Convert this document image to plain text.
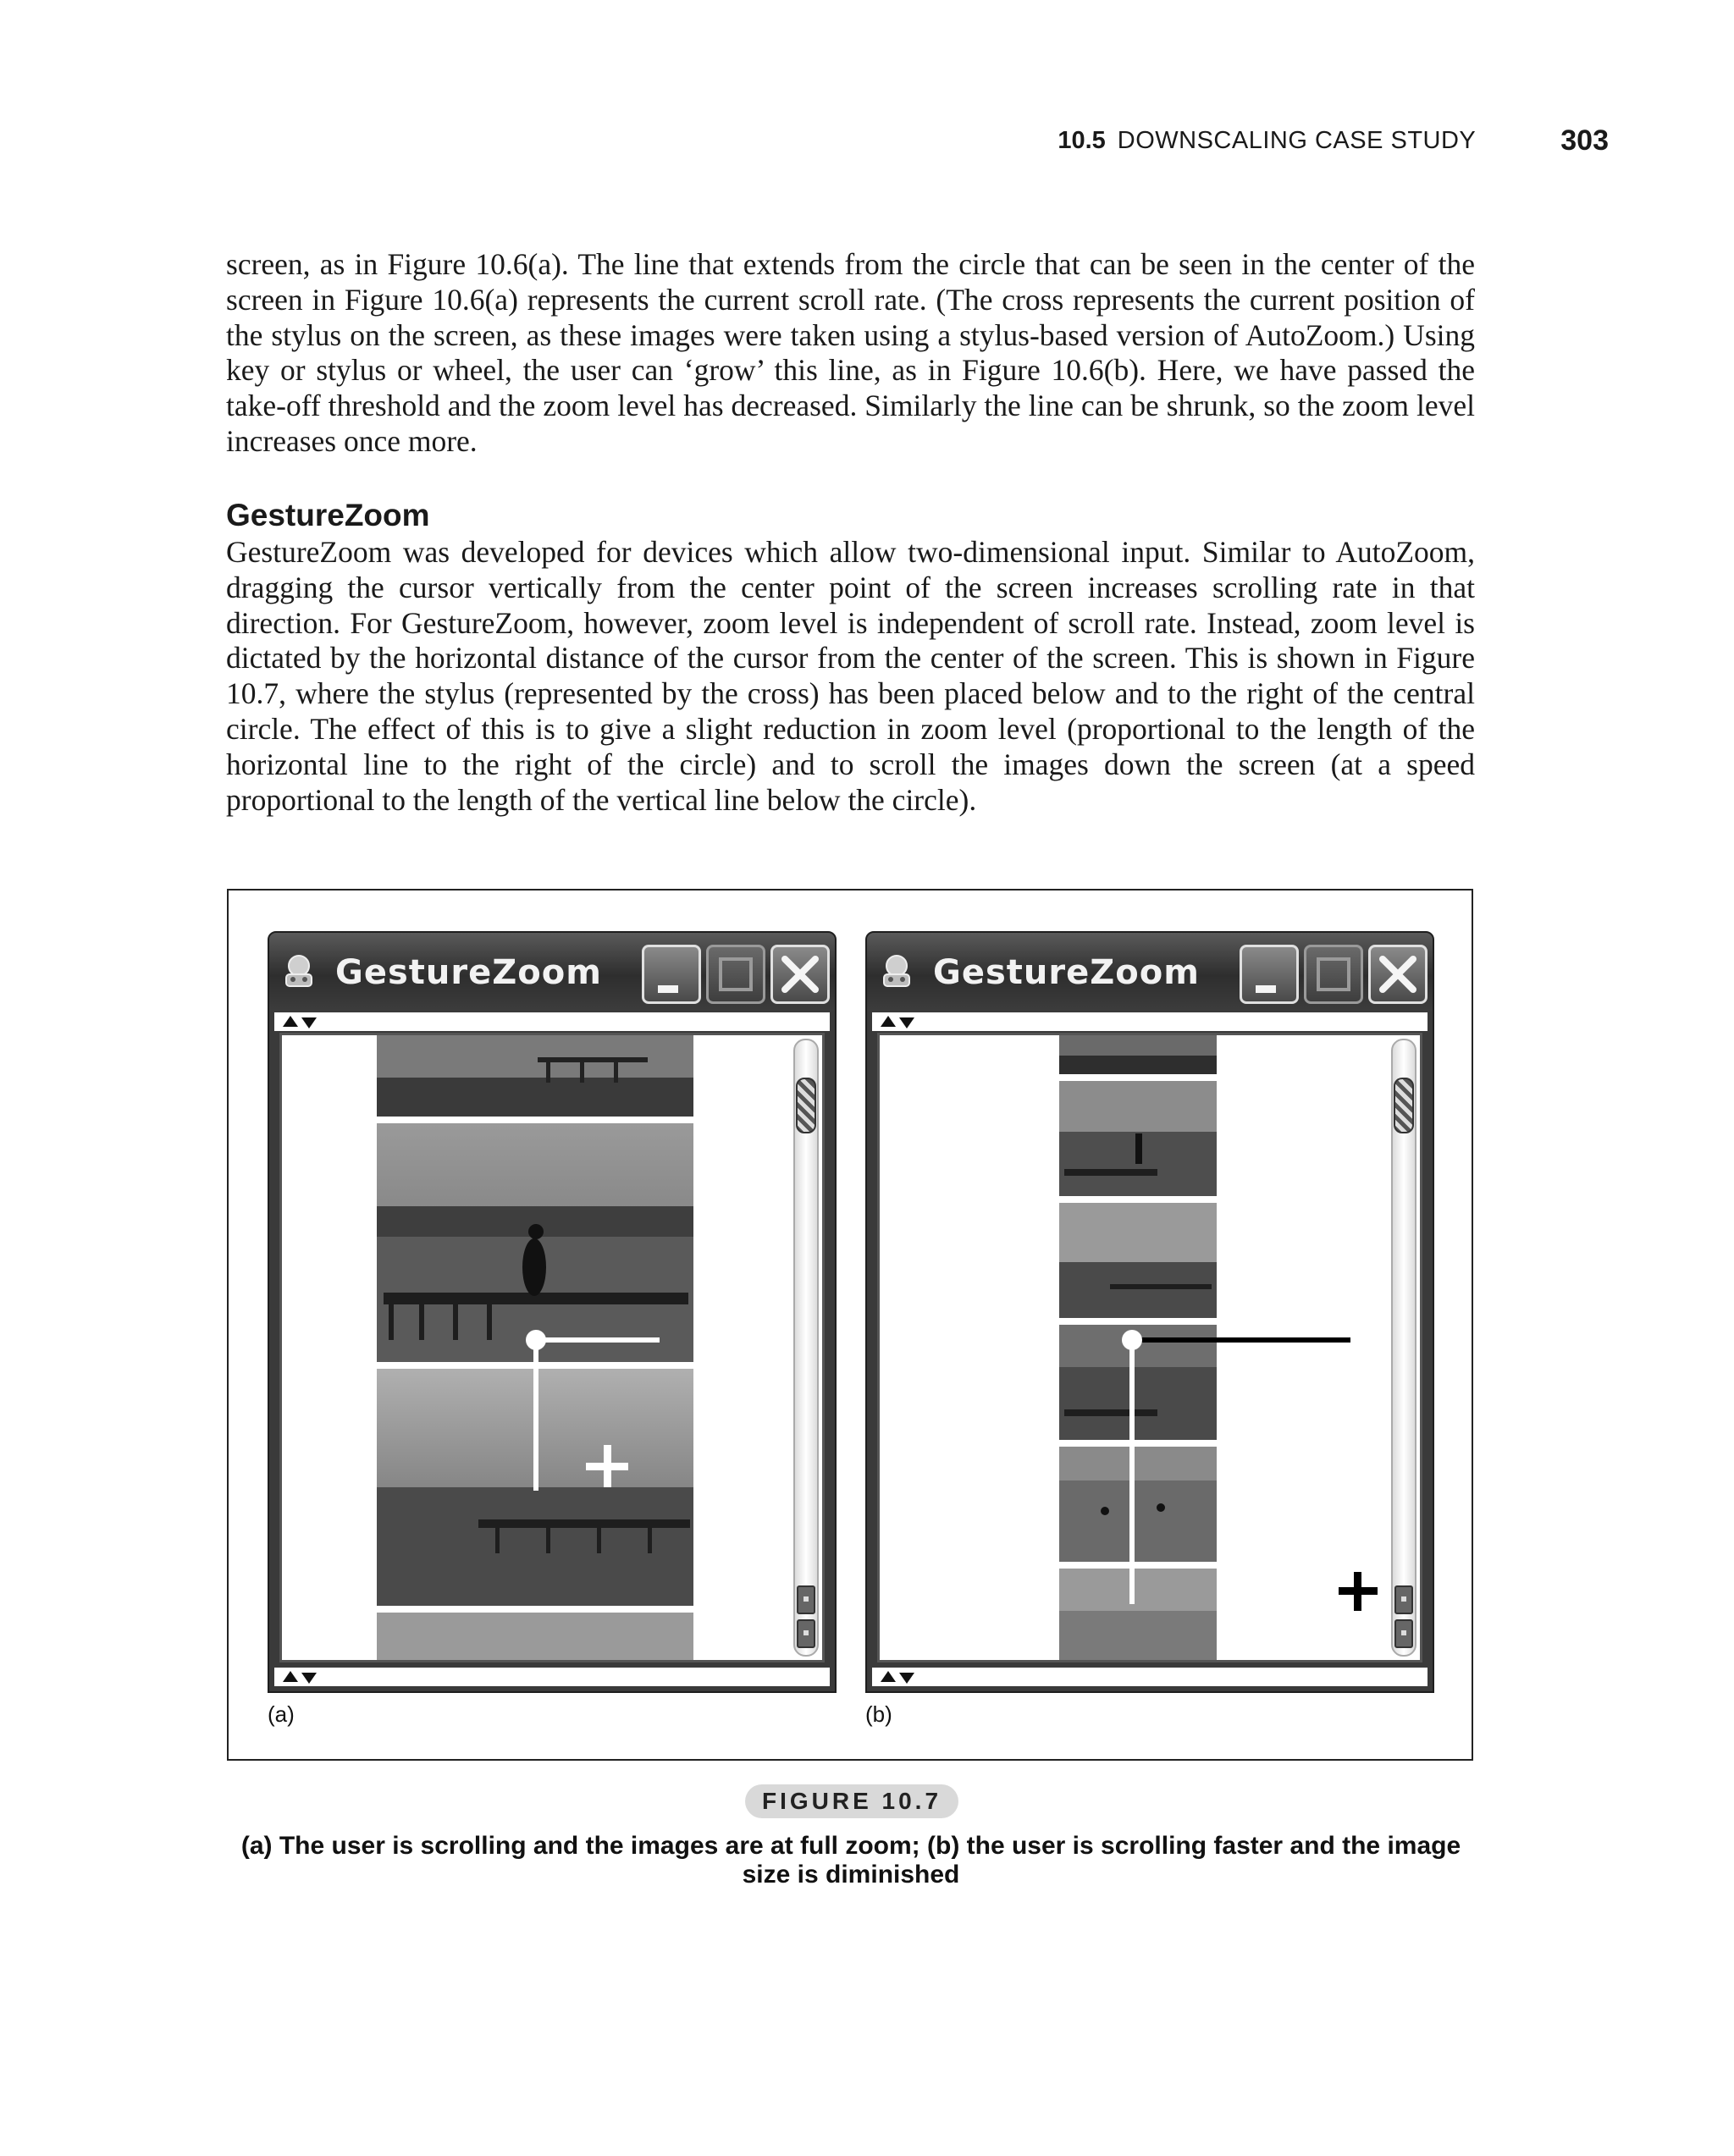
10.5 DOWNSCALING CASE STUDY	303

screen, as in Figure 10.6(a). The line that extends from the circle that can be seen in the center of the screen in Figure 10.6(a) represents the current scroll rate. (The cross represents the current position of the stylus on the screen, as these images were taken using a stylus-based version of AutoZoom.) Using key or stylus or wheel, the user can ‘grow’ this line, as in Figure 10.6(b). Here, we have passed the take-off threshold and the zoom level has decreased. Similarly the line can be shrunk, so the zoom level increases once more.

GestureZoom

GestureZoom was developed for devices which allow two-dimensional input. Similar to AutoZoom, dragging the cursor vertically from the center point of the screen increases scrolling rate in that direction. For GestureZoom, however, zoom level is independent of scroll rate. Instead, zoom level is dictated by the horizontal distance of the cursor from the center of the screen. This is shown in Figure 10.7, where the stylus (represented by the cross) has been placed below and to the right of the central circle. The effect of this is to give a slight reduction in zoom level (proportional to the length of the horizontal line to the right of the circle) and to scroll the images down the screen (at a speed proportional to the length of the vertical line below the circle).

GestureZoom
(a)
GestureZoom
(b)
FIGURE 10.7

(a) The user is scrolling and the images are at full zoom; (b) the user is scrolling faster and the image size is diminished
